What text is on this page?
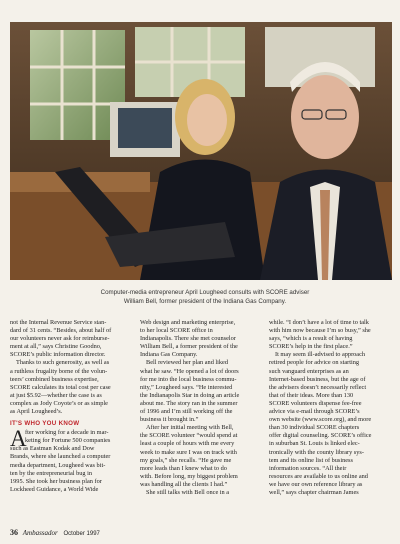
Computer-media entrepreneur April Lougheed consults with SCORE adviser
William Bell, former president of the Indiana Gas Company.
not the Internal Revenue Service stan-
dard of 31 cents. “Besides, about half of
our volunteers never ask for reimburse-
ment at all,” says Christine Goodno,
SCORE’s public information director.
Thanks to such generosity, as well as
a ruthless frugality borne of the volun-
teers’ combined business expertise,
SCORE calculates its total cost per case
at just $5.92—whether the case is as
complex as Jody Coyote’s or as simple
as April Lougheed’s.
IT'S WHO YOU KNOW
A
fter working for a decade in mar-
keting for Fortune 500 companies
such as Eastman Kodak and Dow
Brands, where she launched a computer
media department, Lougheed was bit-
ten by the entrepreneurial bug in
1995. She took her business plan for
Lockheed Guidance, a World Wide
Web design and marketing enterprise,
to her local SCORE office in
Indianapolis. There she met counselor
William Bell, a former president of the
Indiana Gas Company.
Bell reviewed her plan and liked
what he saw. “He opened a lot of doors
for me into the local business commu-
nity,” Lougheed says. “He interested
the Indianapolis Star in doing an article
about me. The story ran in the summer
of 1996 and I’m still working off the
business it brought in.”
After her initial meeting with Bell,
the SCORE volunteer “would spend at
least a couple of hours with me every
week to make sure I was on track with
my goals,” she recalls. “He gave me
more leads than I knew what to do
with. Before long, my biggest problem
was handling all the clients I had.”
She still talks with Bell once in a
while. “I don’t have a lot of time to talk
with him now because I’m so busy,” she
says, “which is a result of having
SCORE’s help in the first place.”
It may seem ill-advised to approach
retired people for advice on starting
such vanguard enterprises as an
Internet-based business, but the age of
the advisers doesn’t necessarily reflect
that of their ideas. More than 130
SCORE volunteers dispense fee-free
advice via e-mail through SCORE’s
own website (www.score.org), and more
than 30 individual SCORE chapters
offer digital counseling. SCORE’s office
in suburban St. Louis is linked elec-
tronically with the county library sys-
tem and its online list of business
information sources. “All their
resources are available to us online and
we have our own reference library as
well,” says chapter chairman James
36 Ambassador October 1997
